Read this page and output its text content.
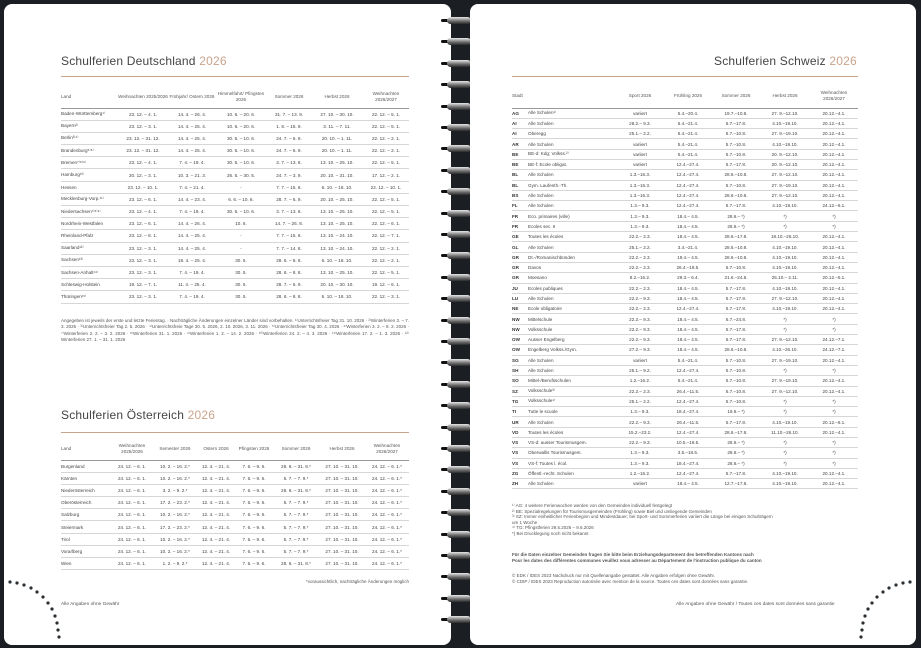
Schulferien Deutschland 2026
Land	Weihnachten 2025/2026	Frühjahr/ Ostern 2026	Himmelfahrt/ Pfingsten 2026	Sommer 2026	Herbst 2026	Weihnachten 2026/2027
Baden-Württemberg¹⁾	23. 12. – 4. 1.	14. 4. – 26. 4.	10. 6. – 20. 6.	31. 7. – 13. 9.	27. 10. – 30. 10.	22. 12. – 5. 1.
Bayern²⁾	23. 12. – 3. 1.	14. 4. – 25. 4.	10. 6. – 20. 6.	1. 8. – 15. 9.	3. 11. – 7. 11.	22. 12. – 5. 1.
Berlin³⁾⁴⁾	23. 12. – 31. 12.	14. 4. – 25. 4.	30. 5. – 10. 6.	24. 7. – 6. 9.	20. 10. – 1. 11.	22. 12. – 2. 1.
Brandenburg⁵⁾⁶⁾	23. 12. – 31. 12.	14. 4. – 25. 4.	30. 5. – 10. 6.	24. 7. – 6. 9.	20. 10. – 1. 11.	22. 12. – 2. 1.
Bremen⁷⁾⁸⁾⁹⁾	23. 12. – 4. 1.	7. 4. – 19. 4.	30. 5. – 10. 6.	3. 7. – 13. 8.	13. 10. – 25. 10.	22. 12. – 5. 1.
Hamburg¹⁰⁾	20. 12. – 3. 1.	10. 3. – 21. 3.	26. 5. – 30. 5.	24. 7. – 3. 9.	20. 10. – 31. 10.	17. 12. – 2. 1.
Hessen	23. 12. – 10. 1.	7. 4. – 21. 4.	-	7. 7. – 15. 8.	6. 10. – 18. 10.	22. 12. – 10. 1.
Mecklenburg-Vorp.¹¹⁾	23. 12. – 6. 1.	14. 4. – 23. 4.	6. 6. – 10. 6.	28. 7. – 6. 9.	20. 10. – 25. 10.	22. 12. – 5. 1.
Niedersachsen⁷⁾⁸⁾⁹⁾	23. 12. – 4. 1.	7. 4. – 19. 4.	30. 5. – 10. 6.	3. 7. – 13. 8.	13. 10. – 25. 10.	22. 12. – 5. 1.
Nordrhein-Westfalen	23. 12. – 6. 1.	14. 4. – 26. 4.	10. 6.	14. 7. – 26. 8.	13. 10. – 25. 10.	22. 12. – 6. 1.
Rheinland-Pfalz	23. 12. – 8. 1.	14. 4. – 25. 4.	-	7. 7. – 15. 8.	13. 10. – 24. 10.	22. 12. – 7. 1.
Saarland¹²⁾	23. 12. – 3. 1.	14. 4. – 25. 4.	-	7. 7. – 14. 8.	13. 10. – 24. 10.	22. 12. – 2. 1.
Sachsen¹³⁾	23. 12. – 3. 1.	18. 4. – 25. 4.	30. 5.	28. 6. – 8. 8.	6. 10. – 18. 10.	22. 12. – 2. 1.
Sachsen-Anhalt¹⁴⁾	23. 12. – 3. 1.	7. 4. – 19. 4.	30. 5.	28. 6. – 8. 8.	13. 10. – 25. 10.	22. 12. – 5. 1.
Schleswig-Holstein	19. 12. – 7. 1.	11. 4. – 25. 4.	30. 5.	28. 7. – 6. 9.	20. 10. – 30. 10.	19. 12. – 6. 1.
Thüringen¹⁵⁾	23. 12. – 3. 1.	7. 4. – 19. 4.	30. 5.	28. 6. – 8. 8.	6. 10. – 18. 10.	22. 12. – 3. 1.
Angegeben ist jeweils der erste und letzte Ferientag. · Nachträgliche Änderungen einzelner Länder sind vorbehalten. ¹⁾Unterrichtsfreier Tag 31. 10. 2026 · ²⁾Winterferien 3. – 7. 3. 2026 · ³⁾Unterrichtsfreier Tag 2. 5. 2026 · ⁴⁾Unterrichtsfreie Tage 30. 5. 2026, 2. 10. 2026, 3. 11. 2026 · ⁵⁾Unterrichtsfreier Tag 30. 4. 2026 · ⁶⁾Winterferien 3. 2. – 8. 2. 2026 · ⁷⁾Winterferien 2. 2. – 3. 2. 2026 · ⁸⁾Winterferien 31. 1. 2026 · ⁹⁾Winterferien 1. 2. – 14. 2. 2026 · ¹⁰⁾Winterferien 24. 2. – 4. 3. 2026 · ¹¹⁾Winterferien 17. 2. – 1. 3. 2026 · ¹²⁾Winterferien 27. 1. – 31. 1. 2026
Schulferien Österreich 2026
Land	Weihnachten 2025/2026	Semester 2026	Ostern 2026	Pfingsten 2026	Sommer 2026	Herbst 2026	Weihnachten 2026/2027
Burgenland	24. 12. – 6. 1.	10. 2. – 16. 2.*	12. 4. – 21. 4.	7. 6. – 9. 6.	28. 6. – 31. 8.*	27. 10. – 31. 10.	24. 12. – 6. 1.*
Kärnten	24. 12. – 6. 1.	10. 2. – 16. 2.*	12. 4. – 21. 4.	7. 6. – 9. 6.	5. 7. – 7. 9.*	27. 10. – 31. 10.	24. 12. – 6. 1.*
Niederösterreich	24. 12. – 6. 1.	3. 2. – 9. 2.*	12. 4. – 21. 4.	7. 6. – 9. 6.	28. 6. – 31. 8.*	27. 10. – 31. 10.	24. 12. – 6. 1.*
Oberösterreich	24. 12. – 6. 1.	17. 2. – 23. 2.*	12. 4. – 21. 4.	7. 6. – 9. 6.	5. 7. – 7. 9.*	27. 10. – 31. 10.	24. 12. – 6. 1.*
Salzburg	24. 12. – 6. 1.	10. 2. – 16. 2.*	12. 4. – 21. 4.	7. 6. – 9. 6.	5. 7. – 7. 9.*	27. 10. – 31. 10.	24. 12. – 6. 1.*
Steiermark	24. 12. – 6. 1.	17. 2. – 23. 2.*	12. 4. – 21. 4.	7. 6. – 9. 6.	5. 7. – 7. 9.*	27. 10. – 31. 10.	24. 12. – 6. 1.*
Tirol	24. 12. – 6. 1.	10. 2. – 16. 2.*	12. 4. – 21. 4.	7. 6. – 9. 6.	5. 7. – 7. 9.*	27. 10. – 31. 10.	24. 12. – 6. 1.*
Vorarlberg	24. 12. – 6. 1.	10. 2. – 16. 2.*	12. 4. – 21. 4.	7. 6. – 9. 6.	5. 7. – 7. 9.*	27. 10. – 31. 10.	24. 12. – 6. 1.*
Wien	24. 12. – 6. 1.	1. 2. – 9. 2.*	12. 4. – 21. 4.	7. 6. – 9. 6.	28. 6. – 31. 8.*	27. 10. – 31. 10.	24. 12. – 6. 1.*
*voraussichtlich, nachträgliche Änderungen möglich
Alle Angaben ohne Gewähr
Schulferien Schweiz 2026
Stadt		Sport 2026	Frühling 2026	Sommer 2026	Herbst 2026	Weihnachten 2026/2027
AG	Alle Schulen¹⁾	variiert	5.4.–20.4.	19.7.–10.8.	27. 9.–12.10.	20.12.–4.1.
AI	Alle Schulen	28.2.– 9.3.	5.4.–21.4.	5.7.–17.8.	4.10.–19.10.	20.12.–4.1.
AI	Oberegg	25.1.– 2.2.	5.4.–21.4.	5.7.–10.8.	27. 9.–19.10.	20.12.–4.1.
AR	Alle Schulen	variiert	5.4.–21.4.	5.7.–10.8.	4.10.–19.10.	20.12.–4.1.
BE	BE-d: Kdg; Volkss.²⁾	variiert	5.4.–21.4.	5.7.–10.8.	20. 9.–12.10.	20.12.–4.1.
BE	BE-f: Ecole obligat.	variiert	12.4.–27.4.	5.7.–17.8.	20. 9.–12.10.	20.12.–4.1.
BL	Alle Schulen	1.3.–16.3.	12.4.–27.4.	28.6.–10.8.	27. 9.–12.10.	20.12.–4.1.
BL	Gym. Laufenth.-Th.	1.3.–16.3.	12.4.–27.4.	5.7.–10.8.	27. 9.–19.10.	20.12.–4.1.
BS	Alle Schulen	1.3.–16.3.	12.4.–27.4.	28.6.–10.8.	27. 9.–12.10.	20.12.–4.1.
FL	Alle Schulen	1.3.– 9.3.	12.4.–27.4.	5.7.–17.8.	4.10.–19.10.	24.12.–6.1.
FR	Eco. primaires (ville)	1.3.– 9.3.	18.4.– 4.5.	28.6.– *)	*)	*)
FR	Ecoles sec. II	1.3.– 9.3.	18.4.– 4.5.	28.6.– *)	*)	*)
GE	Toutes les écoles	22.2.– 2.3.	18.4.– 4.5.	28.6.–17.8.	18.10.–26.10.	20.12.–4.1.
GL	Alle Schulen	25.1.– 2.2.	3.4.–21.4.	28.6.–10.8.	4.10.–19.10.	20.12.–4.1.
GR	Dt.-/Romanischbünden	22.2.– 2.3.	19.4.– 4.5.	28.6.–10.8.	4.10.–19.10.	20.12.–4.1.
GR	Davos	22.2.– 2.3.	26.4.–18.5.	5.7.–10.8.	4.10.–19.10.	20.12.–4.1.
GR	Moesano	8.2.–16.2.	29.3.– 6.4.	21.6.–24.8.	25.10.– 2.11.	20.12.–5.1.
JU	Ecoles publiques	22.2.– 2.3.	18.4.– 4.5.	5.7.–17.8.	4.10.–19.10.	20.12.–4.1.
LU	Alle Schulen	22.2.– 9.3.	18.4.– 4.5.	5.7.–17.8.	27. 9.–12.10.	20.12.–4.1.
NE	Ecole obligatoire	22.2.– 2.3.	12.4.–27.4.	5.7.–17.8.	4.10.–19.10.	20.12.–4.1.
NW	Mittelschule	22.2.– 9.3.	18.4.– 4.5.	5.7.–24.8.	*)	*)
NW	Volksschule	22.2.– 9.3.	18.4.– 4.5.	5.7.–17.8.	*)	*)
OW	Ausser Engelberg	22.2.– 9.3.	18.4.– 4.5.	5.7.–17.8.	27. 9.–12.10.	24.12.–7.1.
OW	Engelberg Volkss./Gym.	27.2.– 9.3.	18.4.– 4.5.	28.6.–10.8.	4.10.–26.10.	24.12.–7.1.
SG	Alle Schulen	variiert	5.4.–21.4.	5.7.–10.8.	27. 9.–19.10.	20.12.–4.1.
SH	Alle Schulen	25.1.– 9.2.	12.4.–27.4.	5.7.–10.8.	*)	*)
SO	Mittel-/Berufsschulen	1.2.–16.2.	5.4.–21.4.	5.7.–10.8.	27. 9.–19.10.	20.12.–4.1.
SZ	Volksschule³⁾	22.2.– 2.3.	26.4.–11.5.	5.7.–10.8.	27. 9.–12.10.	20.12.–4.1.
TG	Volksschule⁴⁾	25.1.– 2.2.	12.4.–27.4.	5.7.–10.8.	*)	*)
TI	Tutte le scuole	1.3.– 9.3.	18.4.–27.4.	19.6.– *)	*)	*)
UR	Alle Schulen	22.2.– 9.3.	26.4.–11.5.	5.7.–17.8.	4.10.–19.10.	20.12.–6.1.
VD	Toutes les écoles	15.2.–23.2.	12.4.–27.4.	28.6.–17.8.	11.10.–26.10.	20.12.–4.1.
VS	VS-d: ausser Tourismusgem.	22.2.– 9.3.	10.5.–18.5.	28.6.– *)	*)	*)
VS	Oberwallis Tourismusgem.	1.3.– 9.3.	3.5.–18.5.	28.6.– *)	*)	*)
VS	VS-f: Toutes l. écol.	1.3.– 9.3.	18.4.–27.4.	28.6.– *)	*)	*)
ZG	Öffentl.-recht. Schulen	1.2.–16.2.	12.4.–27.4.	5.7.–17.8.	4.10.–19.10.	20.12.–4.1.
ZH	Alle Schulen	variiert	18.4.– 4.5.	12.7.–17.8.	4.10.–19.10.	20.12.–4.1.
¹⁾ AG: 4 weitere Ferienwochen werden von den Gemeinden individuell festgelegt
²⁾ BE: Spezialregelungen für Tourismusgemeinden (Frühling) sowie Biel und umliegende Gemeinden
³⁾ SZ: Immer einheitlicher Ferienbeginn und Mindestdauer; bei Sport- und Sommerferien variiert die Länge bei einigen Schulträgern
um 1 Woche
⁴⁾ TG: Pfingstferien 29.5.2026 – 9.6.2026
*) Bei Drucklegung noch nicht bekannt
Für die Daten einzelner Gemeinden fragen Sie bitte beim Erziehungsdepartement des betreffenden Kantons nach
Pour les dates des différentes communes veuillez vous adresser au Département de l'instruction publique du canton
© EDK / IDES 2023 Nachdruck nur mit Quellenangabe gestattet. Alle Angaben erfolgen ohne Gewähr.
© CDIP / IDES 2023 Reproduction autorisée avec mention de la source. Toutes ces dates sont données sans garantie.
Alle Angaben ohne Gewähr / Toutes ces dates sont données sans garantie
